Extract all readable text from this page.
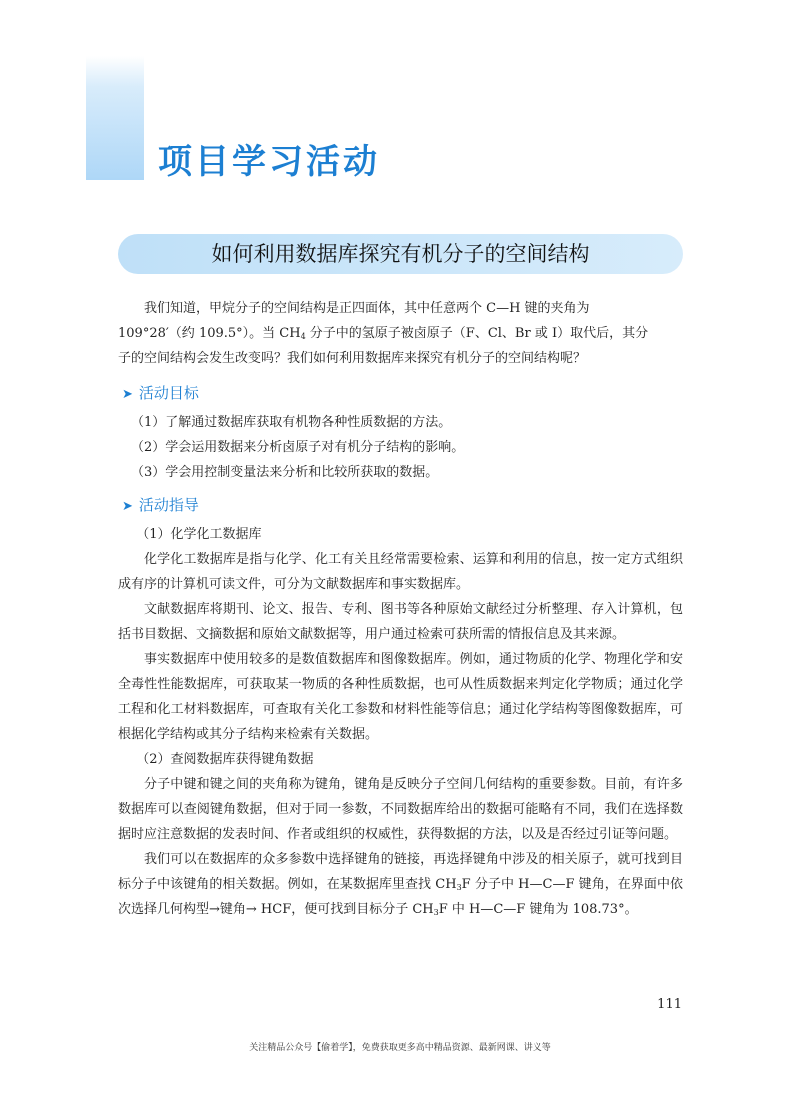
项目学习活动
如何利用数据库探究有机分子的空间结构

我们知道，甲烷分子的空间结构是正四面体，其中任意两个 C—H 键的夹角为

109°28′（约 109.5°）。当 $CH_4$ 分子中的氢原子被卤原子（F、Cl、Br 或 I）取代后，其分

子的空间结构会发生改变吗？我们如何利用数据库来探究有机分子的空间结构呢？

➤ 活动目标

（1）了解通过数据库获取有机物各种性质数据的方法。

（2）学会运用数据来分析卤原子对有机分子结构的影响。

（3）学会用控制变量法来分析和比较所获取的数据。

➤ 活动指导

（1）化学化工数据库

化学化工数据库是指与化学、化工有关且经常需要检索、运算和利用的信息，按一定方式组织成有序的计算机可读文件，可分为文献数据库和事实数据库。

文献数据库将期刊、论文、报告、专利、图书等各种原始文献经过分析整理、存入计算机，包括书目数据、文摘数据和原始文献数据等，用户通过检索可获所需的情报信息及其来源。

事实数据库中使用较多的是数值数据库和图像数据库。例如，通过物质的化学、物理化学和安全毒性性能数据库，可获取某一物质的各种性质数据，也可从性质数据来判定化学物质；通过化学工程和化工材料数据库，可查取有关化工参数和材料性能等信息；通过化学结构等图像数据库，可根据化学结构或其分子结构来检索有关数据。

（2）查阅数据库获得键角数据

分子中键和键之间的夹角称为键角，键角是反映分子空间几何结构的重要参数。目前，有许多数据库可以查阅键角数据，但对于同一参数，不同数据库给出的数据可能略有不同，我们在选择数据时应注意数据的发表时间、作者或组织的权威性，获得数据的方法，以及是否经过引证等问题。

我们可以在数据库的众多参数中选择键角的链接，再选择键角中涉及的相关原子，就可找到目标分子中该键角的相关数据。例如，在某数据库里查找 $CH_3F$ 分子中 H—C—F 键角，在界面中依次选择几何构型→键角→ HCF，便可找到目标分子 $CH_3F$ 中 H—C—F 键角为 108.73°。

111
关注精品公众号【偷着学】，免费获取更多高中精品资源、最新网课、讲义等
